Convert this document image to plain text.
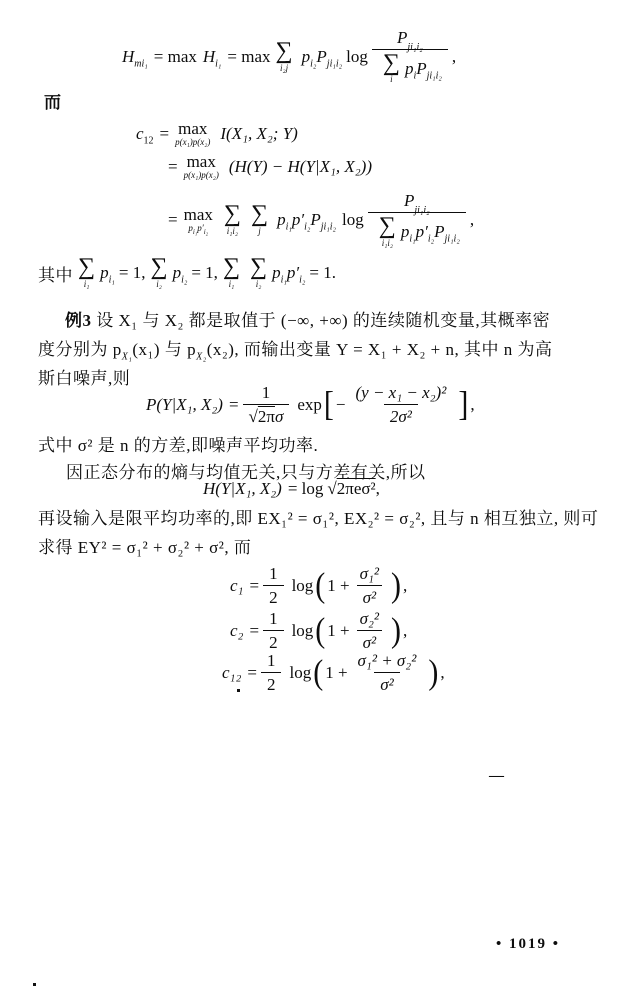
$H_{mi_1} = \max H_{i_1} = \max$ ∑
i₂j
$p_{i_2}P_{ji_1i_2}$ log P
ji₁i₂
∑
i
$p_iP_{ji_1i_2}$ ,
而
$c_{12} = \max$
p(x₁)p(x₂) I(X₁, X₂; Y)
= max
p(x₁)p(x₂) (H(Y) − H(Y|X₁, X₂))
= max
$p_{i_1}p'_{i_2}$
∑
i₁i₂
∑
j
$p_{i_1}p'_{i_2}P_{ji_1i_2}$ log P
ji₁i₂
∑
i₁i₂
$p_{i_1}p'_{i_2}P_{ji_1i_2}$ ,
其中 ∑
i₁
$p_{i_1} = 1$, ∑
i₂
$p_{i_2} = 1$, ∑
i₁
∑
i₂
$p_{i_1}p'_{i_2} = 1$.
例3 设 X₁ 与 X₂ 都是取值于 (−∞, +∞) 的连续随机变量,其概率密
度分别为 $p_{X_1}(x_1)$ 与 $p_{X_2}(x_2)$, 而输出变量 Y = X₁ + X₂ + n, 其中 n 为高
斯白噪声,则
P(Y|X₁, $X_2) = \frac{1}{\text{√ 2π σ}}$ exp [ − $\frac{\text{(y − x₁ − x₂)²}}{\text{2σ²}}$ ] ,
式中 σ² 是 n 的方差,即噪声平均功率.
因正态分布的熵与均值无关,只与方差有关,所以
H(Y|X₁, X₂) = log √ 2πeσ² ,
再设输入是限平均功率的,即 EX₁² = σ₁², EX₂² = σ₂², 且与 n 相互独立, 则可
求得 EY² = σ₁² + σ₂² + σ², 而
$c_1 = \frac{1}{2}$ log ( $1 + \frac{\text{σ₁²}}{\text{σ²}}$ ) ,
$c_2 = \frac{1}{2}$ log ( $1 + \frac{\text{σ₂²}}{\text{σ²}}$ ) ,
$c_{12} = \frac{1}{2}$ log ( $1 + \frac{\text{σ₁² + σ₂²}}{\text{σ²}}$ ) ,
—
• 1019 •
